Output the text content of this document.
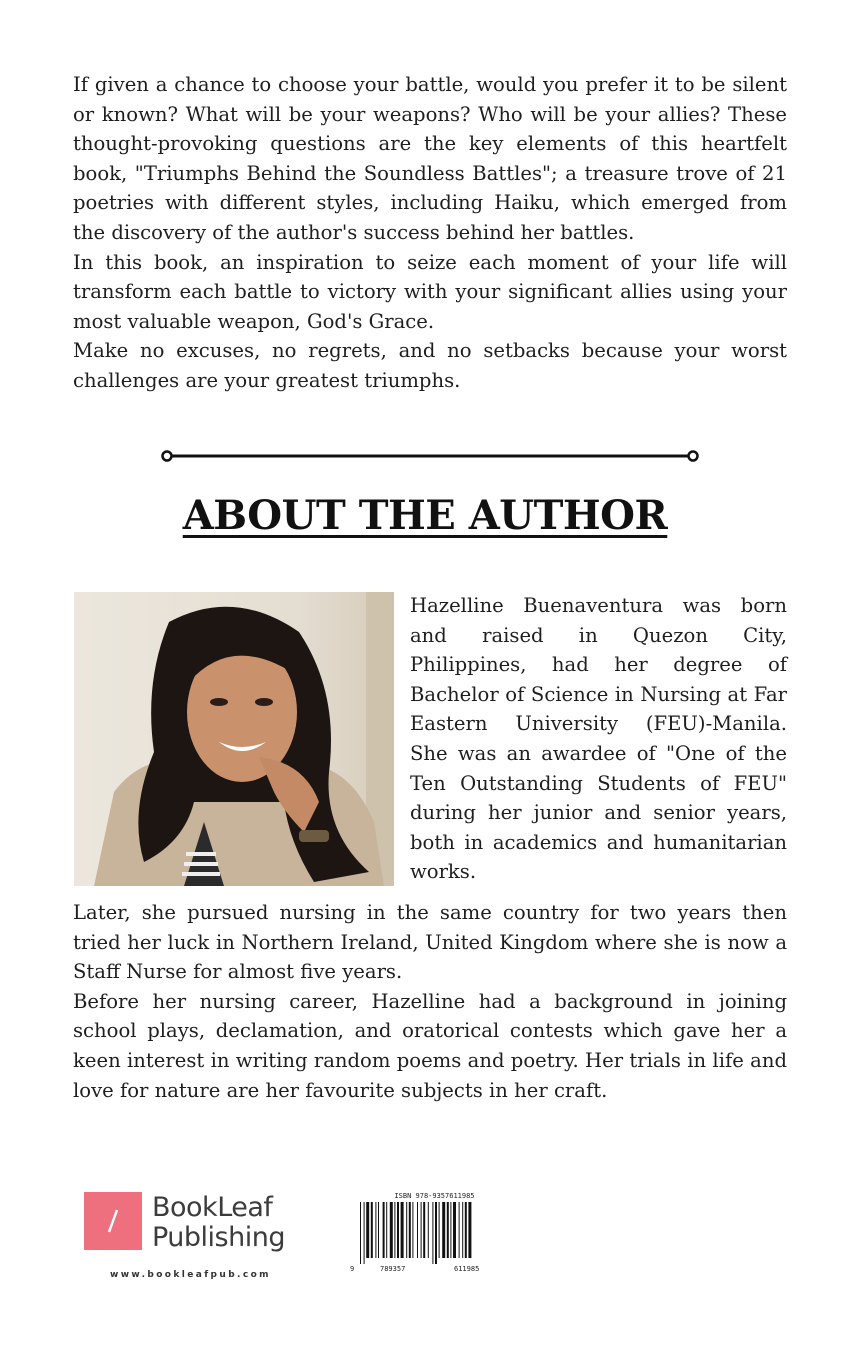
If given a chance to choose your battle, would you prefer it to be silent or known? What will be your weapons? Who will be your allies? These thought-provoking questions are the key elements of this heartfelt book, "Triumphs Behind the Soundless Battles"; a treasure trove of 21 poetries with different styles, including Haiku, which emerged from the discovery of the author's success behind her battles.

In this book, an inspiration to seize each moment of your life will transform each battle to victory with your significant allies using your most valuable weapon, God's Grace.

Make no excuses, no regrets, and no setbacks because your worst challenges are your greatest triumphs.

ABOUT THE AUTHOR

Hazelline Buenaventura was born and raised in Quezon City, Philippines, had her degree of Bachelor of Science in Nursing at Far Eastern University (FEU)-Manila. She was an awardee of "One of the Ten Outstanding Students of FEU" during her junior and senior years, both in academics and humanitarian works.

Later, she pursued nursing in the same country for two years then tried her luck in Northern Ireland, United Kingdom where she is now a Staff Nurse for almost five years.

Before her nursing career, Hazelline had a background in joining school plays, declamation, and oratorical contests which gave her a keen interest in writing random poems and poetry. Her trials in life and love for nature are her favourite subjects in her craft.

BookLeaf
Publishing
www.bookleafpub.com
ISBN 978-9357611985
9	789357	611985
